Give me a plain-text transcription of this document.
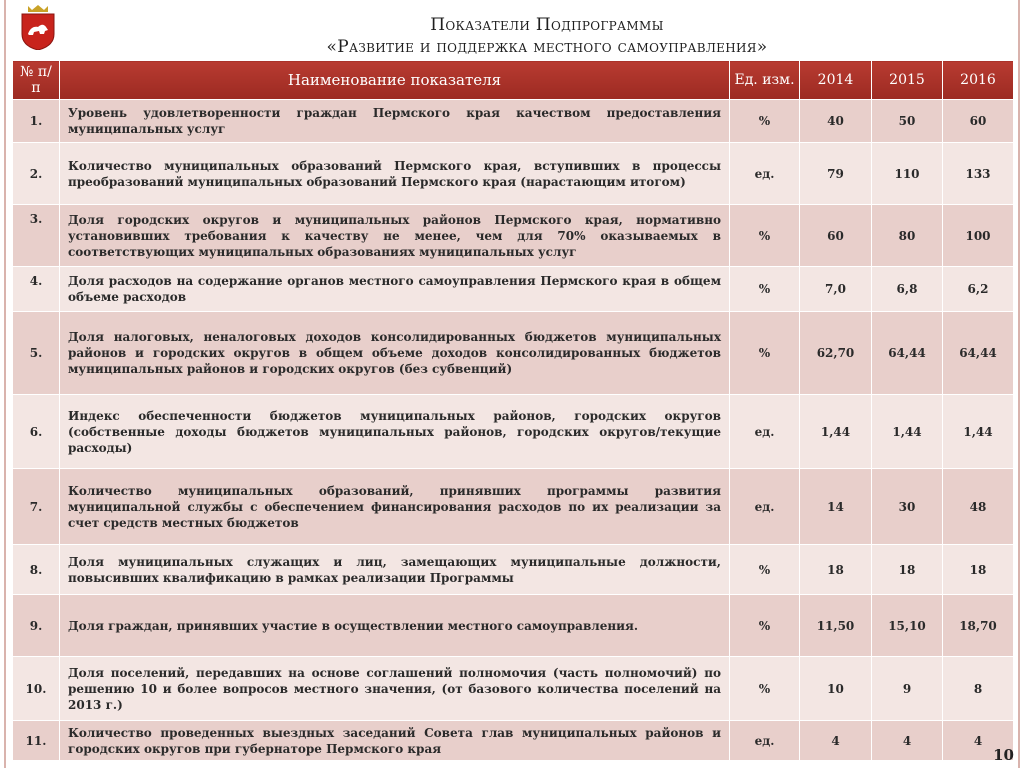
Показатели Подпрограммы
«Развитие и поддержка местного самоуправления»
№ п/п	Наименование показателя	Ед. изм.	2014	2015	2016
1.	Уровень удовлетворенности граждан Пермского края качеством предоставления муниципальных услуг	%	40	50	60
2.	Количество муниципальных образований Пермского края, вступивших в процессы преобразований муниципальных образований Пермского края (нарастающим итогом)	ед.	79	110	133
3.	Доля городских округов и муниципальных районов Пермского края, нормативно установивших требования к качеству не менее, чем для 70% оказываемых в соответствующих муниципальных образованиях муниципальных услуг	%	60	80	100
4.	Доля расходов на содержание органов местного самоуправления Пермского края в общем объеме расходов	%	7,0	6,8	6,2
5.	Доля налоговых, неналоговых доходов консолидированных бюджетов муниципальных районов и городских округов в общем объеме доходов консолидированных бюджетов муниципальных районов и городских округов (без субвенций)	%	62,70	64,44	64,44
6.	Индекс обеспеченности бюджетов муниципальных районов, городских округов (собственные доходы бюджетов муниципальных районов, городских округов/текущие расходы)	ед.	1,44	1,44	1,44
7.	Количество муниципальных образований, принявших программы развития муниципальной службы с обеспечением финансирования расходов по их реализации за счет средств местных бюджетов	ед.	14	30	48
8.	Доля муниципальных служащих и лиц, замещающих муниципальные должности, повысивших квалификацию в рамках реализации Программы	%	18	18	18
9.	Доля граждан, принявших участие в осуществлении местного самоуправления.	%	11,50	15,10	18,70
10.	Доля поселений, передавших на основе соглашений полномочия (часть полномочий) по решению 10 и более вопросов местного значения, (от базового количества поселений на 2013 г.)	%	10	9	8
11.	Количество проведенных выездных заседаний Совета глав муниципальных районов и городских округов при губернаторе Пермского края	ед.	4	4	4
10
